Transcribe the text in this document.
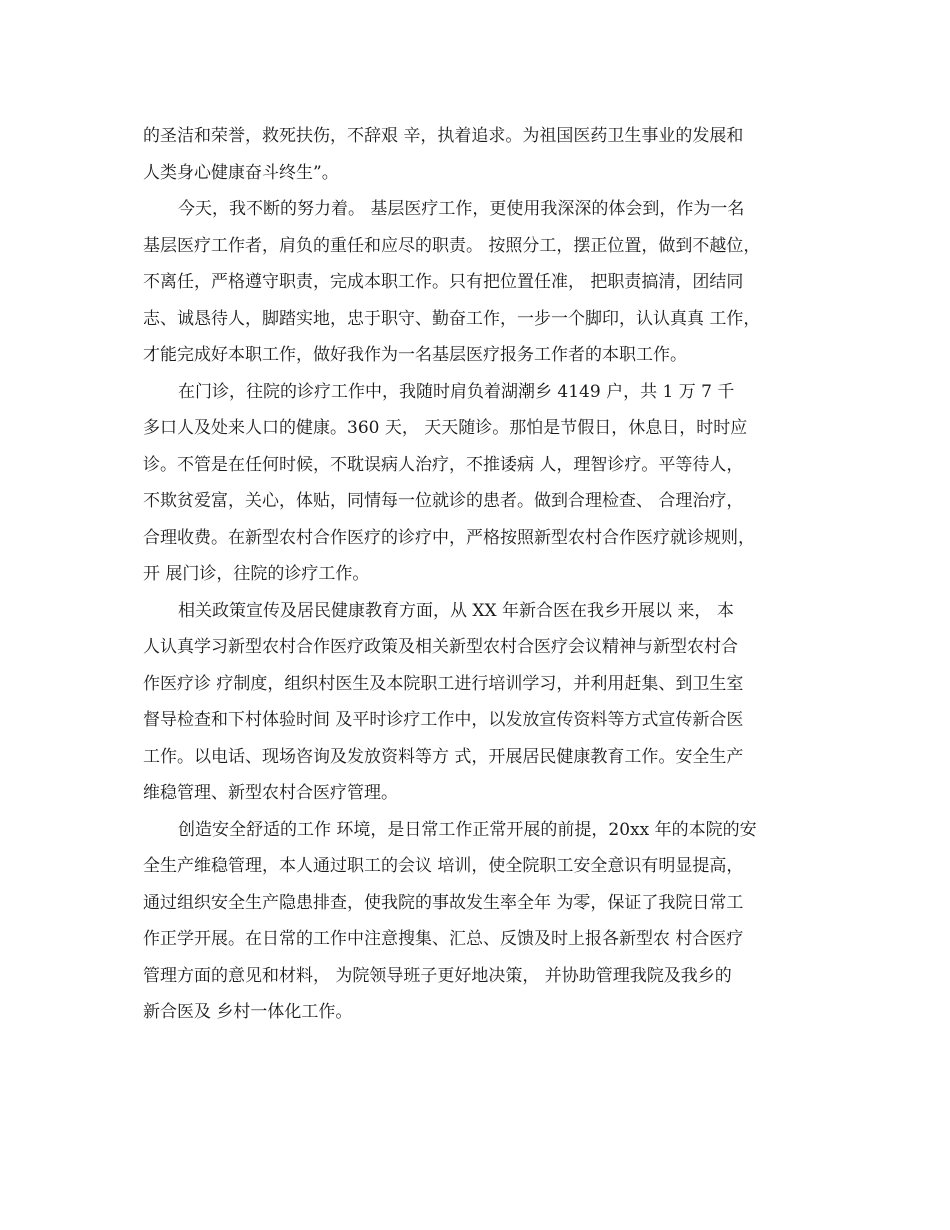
的圣洁和荣誉，救死扶伤，不辞艰 辛，执着追求。为祖国医药卫生事业的发展和
人类身心健康奋斗终生”。
今天，我不断的努力着。 基层医疗工作，更使用我深深的体会到，作为一名
基层医疗工作者，肩负的重任和应尽的职责。 按照分工，摆正位置，做到不越位，
不离任，严格遵守职责，完成本职工作。只有把位置任准， 把职责搞清，团结同
志、诚恳待人，脚踏实地，忠于职守、勤奋工作，一步一个脚印，认认真真 工作，
才能完成好本职工作，做好我作为一名基层医疗报务工作者的本职工作。
在门诊，往院的诊疗工作中，我随时肩负着湖潮乡 4149 户，共 1 万 7 千
多口人及处来人口的健康。360 天， 天天随诊。那怕是节假日，休息日，时时应
诊。不管是在任何时候，不耽误病人治疗，不推诿病 人，理智诊疗。平等待人，
不欺贫爱富，关心，体贴，同情每一位就诊的患者。做到合理检查、 合理治疗，
合理收费。在新型农村合作医疗的诊疗中，严格按照新型农村合作医疗就诊规则，
开 展门诊，往院的诊疗工作。
相关政策宣传及居民健康教育方面，从 XX 年新合医在我乡开展以 来， 本
人认真学习新型农村合作医疗政策及相关新型农村合医疗会议精神与新型农村合
作医疗诊 疗制度，组织村医生及本院职工进行培训学习，并利用赶集、到卫生室
督导检查和下村体验时间 及平时诊疗工作中，以发放宣传资料等方式宣传新合医
工作。以电话、现场咨询及发放资料等方 式，开展居民健康教育工作。安全生产
维稳管理、新型农村合医疗管理。
创造安全舒适的工作 环境，是日常工作正常开展的前提，20xx 年的本院的安
全生产维稳管理，本人通过职工的会议 培训，使全院职工安全意识有明显提高，
通过组织安全生产隐患排查，使我院的事故发生率全年 为零，保证了我院日常工
作正学开展。在日常的工作中注意搜集、汇总、反馈及时上报各新型农 村合医疗
管理方面的意见和材料， 为院领导班子更好地决策， 并协助管理我院及我乡的
新合医及 乡村一体化工作。
